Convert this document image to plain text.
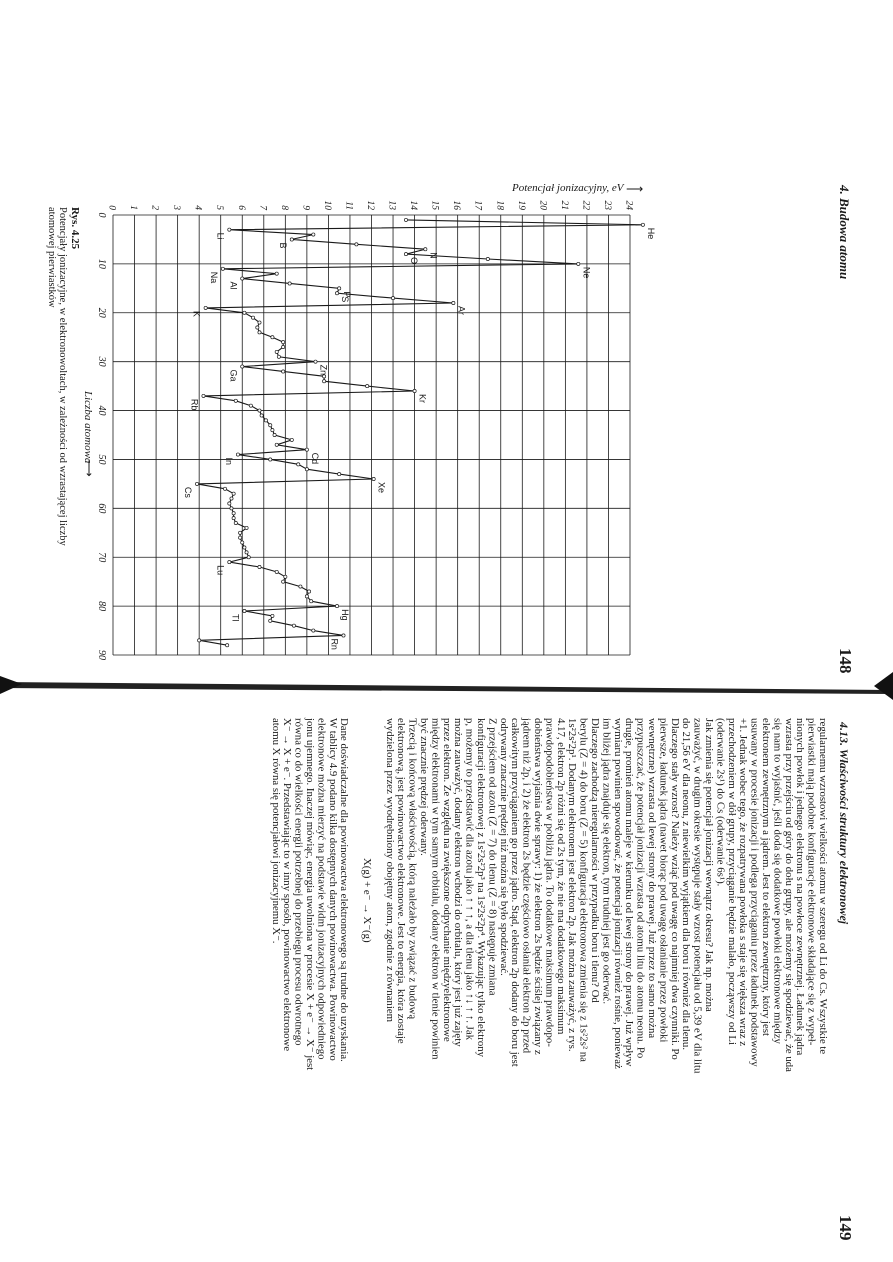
4. Budowa atomu
148
0
10
20
30
40
50
60
70
80
90
0 1 2 3 4 5 6 7 8 9 10 11 12 13 14 15 16 17 18 19 20 21 22 23 24
He
Li
B
N
O
Ne
Na
Al
P
S
Ar
K
Zn
Ga
Kr
Rb
Cd
In
Xe
Cs
Lu
Hg
Tl
Rn
Potencjał jonizacyjny, eV ⟶
Liczba atomowa
⟶
Rys. 4.25
Potencjały jonizacyjne, w elektronowoltach, w zależności od wzrastającej liczby
atomowej pierwiastków
4.13. Właściwości struktury elektronowej
149
regularnemu wzrostowi wielkości atomu w szeregu od Li do Cs. Wszystkie te
pierwiastki mają podobne konfiguracje elektronowe składające się z wypeł-
nionych powłok i jednego elektronu s na powłoce zewnętrznej. Ładunek jądra
wzrasta przy przejściu od góry do dołu grupy, ale możemy się spodziewać, że uda
się nam to wyjaśnić, jeśli doda się dodatkowe powłoki elektronowe między
elektronem zewnętrznym a jądrem. Jest to elektron zewnętrzny, który jest
usuwany w procesie jonizacji i podlega przyciąganiu przez ładunek podstawowy
+1. Jednak wobec tego, że rozpatrywana powłoka s staje się większa wraz z
przechodzeniem w dół grupy, przyciąganie będzie malało, począwszy od Li
(oderwanie 2s¹) do Cs (oderwanie 6s¹).
Jak zmienia się potencjał jonizacji wewnątrz okresu? Jak np. można
zauważyć, w drugim okresie występuje stały wzrost potencjału od 5,39 eV dla litu
do 21,56 eV dla neonu, z niewielkim wyjątkiem dla boru i również dla tlenu.
Dlaczego stały wzrost? Należy wziąć pod uwagę co najmniej dwa czynniki. Po
pierwsze, ładunek jądra (nawet biorąc pod uwagę osłanianie przez powłoki
wewnętrzne) wzrasta od lewej strony do prawej. Już przez to samo można
przypuszczać, że potencjał jonizacji wzrasta od atomu litu do atomu neonu. Po
drugie, promień atomu maleje w kierunku od lewej strony do prawej. Już wpływ
wymiaru powinien spowodować, że potencjał jonizacji również rośnie, ponieważ
im bliżej jądra znajduje się elektron, tym trudniej jest go oderwać.
Dlaczego zachodzą nieregularności w przypadku boru i tlenu? Od
berylu (Z = 4) do boru (Z = 5) konfiguracja elektronowa zmienia się z 1s²2s² na
1s²2s²2p¹. Dodanym elektronem jest elektron 2p. Jak można zauważyć, z rys.
4.17, elektron 2p różni się od 2s tym, że nie ma dodatkowego maksimum
prawdopodobieństwa w pobliżu jądra. To dodatkowe maksimum prawdopo-
dobieństwa wyjaśnia dwie sprawy: 1) że elektron 2s będzie ściślej związany z
jądrem niż 2p, i 2) że elektron 2s będzie częściowo osłaniał elektron 2p przed
całkowitym przyciąganiem go przez jądro. Stąd, elektron 2p dodany do boru jest
odrywany znacznie prędzej niż można się było spodziewać.
Z przejściem od azotu (Z = 7) do tlenu (Z = 8) następuje zmiana
konfiguracji elektronowej z 1s²2s²2p³ na 1s²2s²2p⁴. Wykazując tylko elektrony
p, możemy to przedstawić dla azotu jako ↑ ↑ ↑, a dla tlenu jako ↑↓ ↑ ↑. Jak
można zauważyć, dodany elektron wchodzi do orbitalu, który jest już zajęty
przez elektron. Ze względu na zwiększone odpychanie międzyelektronowe
między elektronami w tym samym orbitalu, dodany elektron w tlenie powinien
być znacznie prędzej oderwany.
Trzecią i końcową właściwością, którą należało by związać z budową
elektronową, jest powinowactwo elektronowe. Jest to energia, która zostaje
wydzielona przez wyodrębniony obojętny atom, zgodnie z równaniem
X(g) + e⁻ → X⁻(g)
Dane doświadczalne dla powinowactwa elektronowego są trudne do uzyskania.
W tablicy 4.9 podano kilka dostępnych danych powinowactwa. Powinowactwo
elektronowe można mierzyć na podstawie widm jonizacyjnych odpowiedniego
jonu ujemnego. Inaczej mówiąc, energia uwolniona w procesie X + e⁻ → X⁻ jest
równa co do wielkości energii potrzebnej do przebiegu procesu odwrotnego
X⁻ → X + e⁻. Przedstawiając to w inny sposób, powinowactwo elektronowe
atomu X równa się potencjałowi jonizacyjnemu X⁻.
